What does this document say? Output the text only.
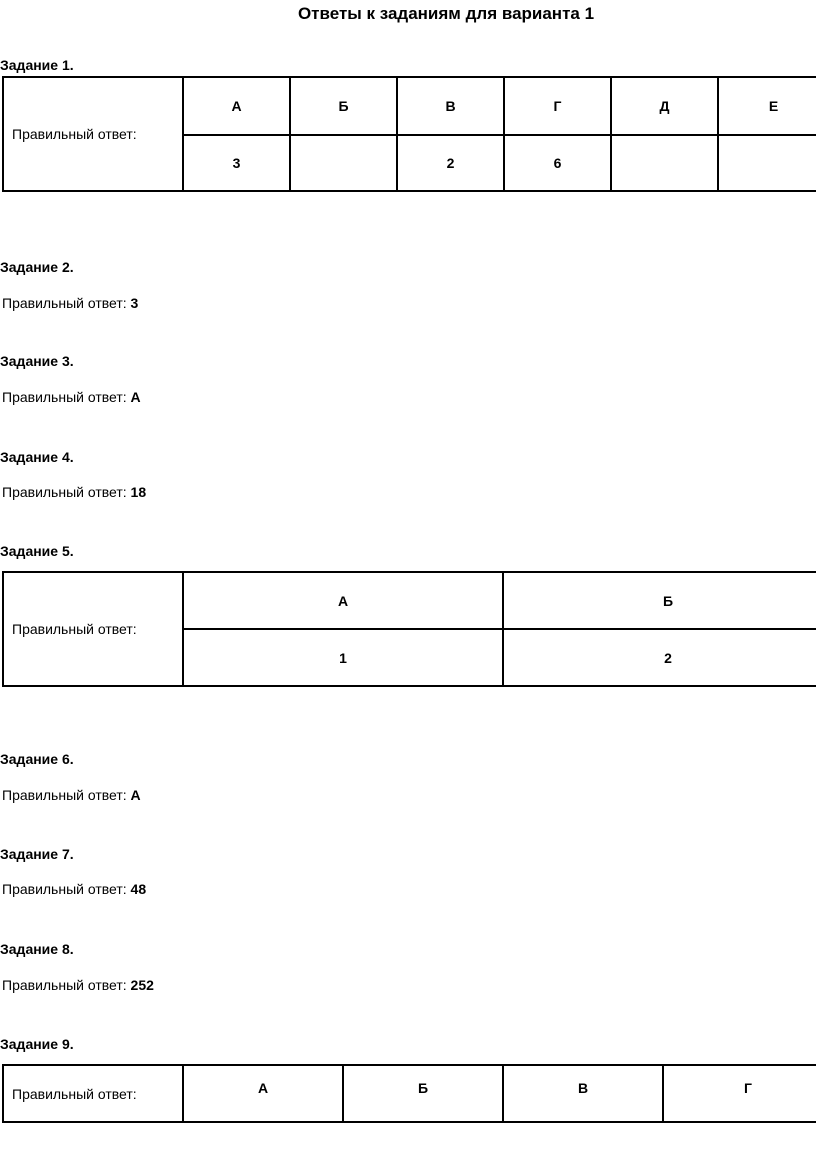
Ответы к заданиям для варианта 1
Задание 1.
Правильный ответ:	А	Б	В	Г	Д	Е
	3		2	6		
Задание 2.
Правильный ответ: 3
Задание 3.
Правильный ответ: А
Задание 4.
Правильный ответ: 18
Задание 5.
Правильный ответ:	А	Б
	1	2
Задание 6.
Правильный ответ: А
Задание 7.
Правильный ответ: 48
Задание 8.
Правильный ответ: 252
Задание 9.
Правильный ответ:	А	Б	В	Г
